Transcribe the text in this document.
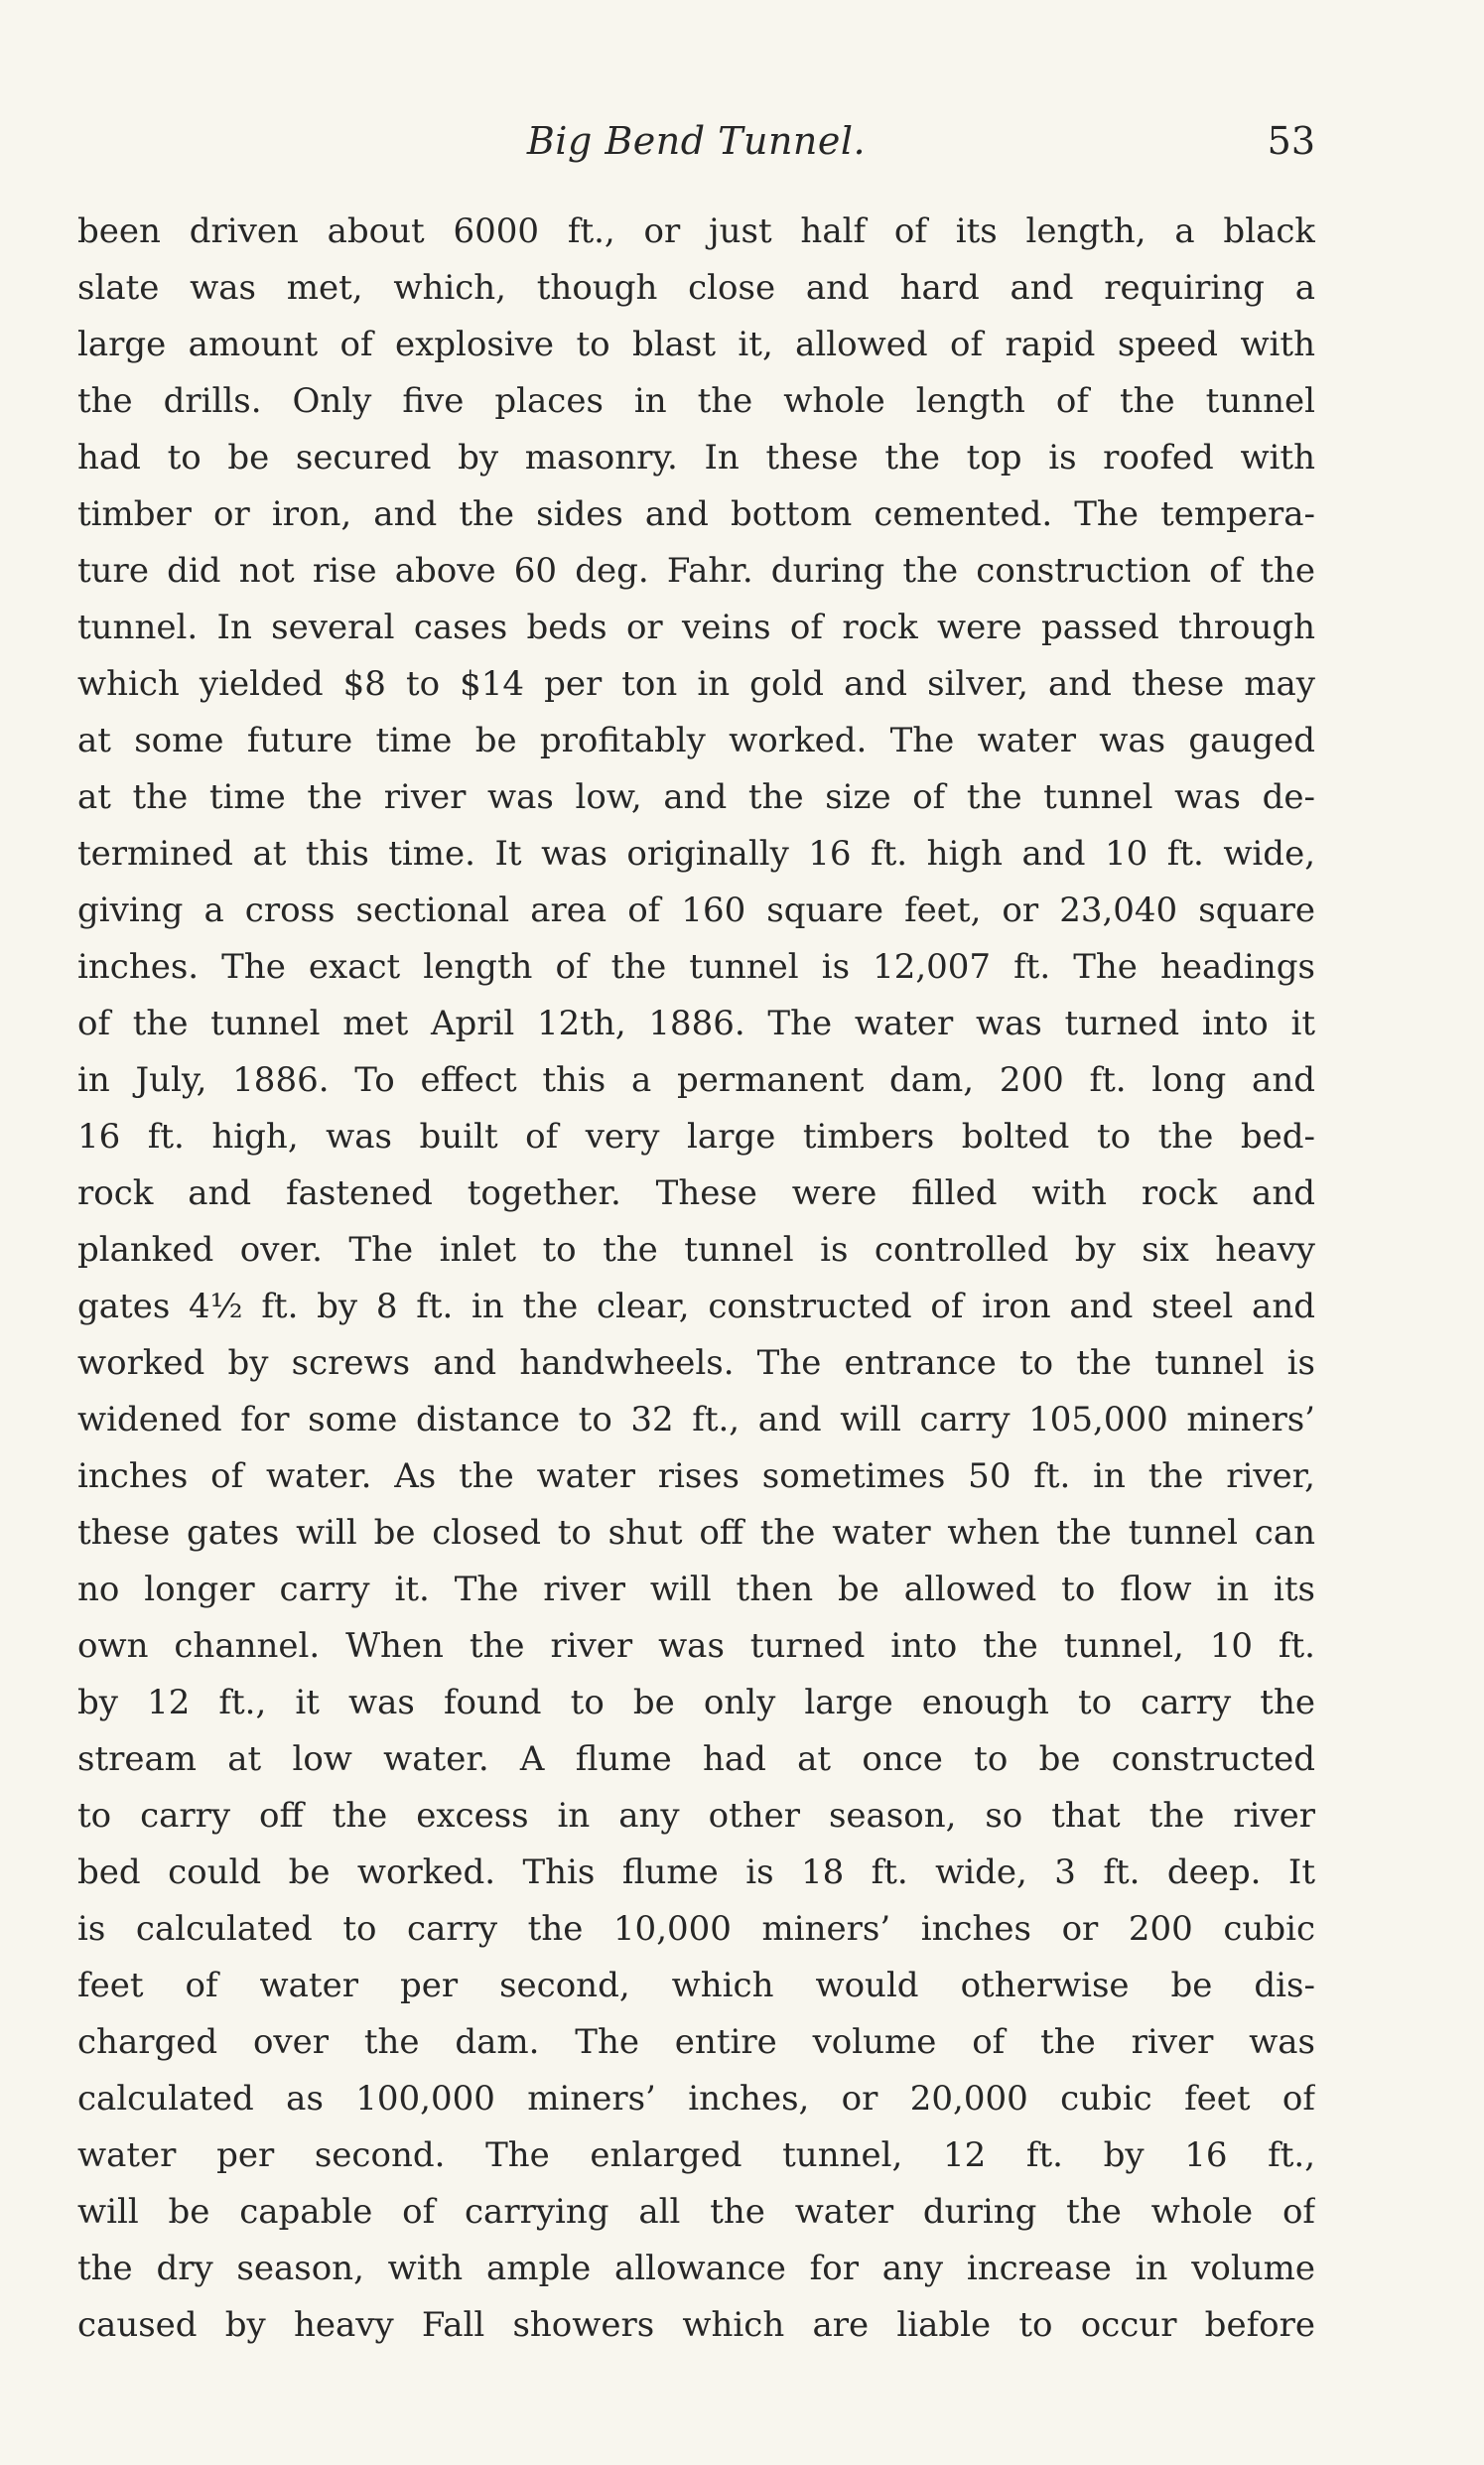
Big Bend Tunnel.	53
been driven about 6000 ft., or just half of its length, a black
slate was met, which, though close and hard and requiring a
large amount of explosive to blast it, allowed of rapid speed with
the drills. Only five places in the whole length of the tunnel
had to be secured by masonry. In these the top is roofed with
timber or iron, and the sides and bottom cemented. The tempera-
ture did not rise above 60 deg. Fahr. during the construction of the
tunnel. In several cases beds or veins of rock were passed through
which yielded $8 to $14 per ton in gold and silver, and these may
at some future time be profitably worked. The water was gauged
at the time the river was low, and the size of the tunnel was de-
termined at this time. It was originally 16 ft. high and 10 ft. wide,
giving a cross sectional area of 160 square feet, or 23,040 square
inches. The exact length of the tunnel is 12,007 ft. The headings
of the tunnel met April 12th, 1886. The water was turned into it
in July, 1886. To effect this a permanent dam, 200 ft. long and
16 ft. high, was built of very large timbers bolted to the bed-
rock and fastened together. These were filled with rock and
planked over. The inlet to the tunnel is controlled by six heavy
gates 4½ ft. by 8 ft. in the clear, constructed of iron and steel and
worked by screws and handwheels. The entrance to the tunnel is
widened for some distance to 32 ft., and will carry 105,000 miners’
inches of water. As the water rises sometimes 50 ft. in the river,
these gates will be closed to shut off the water when the tunnel can
no longer carry it. The river will then be allowed to flow in its
own channel. When the river was turned into the tunnel, 10 ft.
by 12 ft., it was found to be only large enough to carry the
stream at low water. A flume had at once to be constructed
to carry off the excess in any other season, so that the river
bed could be worked. This flume is 18 ft. wide, 3 ft. deep. It
is calculated to carry the 10,000 miners’ inches or 200 cubic
feet of water per second, which would otherwise be dis-
charged over the dam. The entire volume of the river was
calculated as 100,000 miners’ inches, or 20,000 cubic feet of
water per second. The enlarged tunnel, 12 ft. by 16 ft.,
will be capable of carrying all the water during the whole of
the dry season, with ample allowance for any increase in volume
caused by heavy Fall showers which are liable to occur before
